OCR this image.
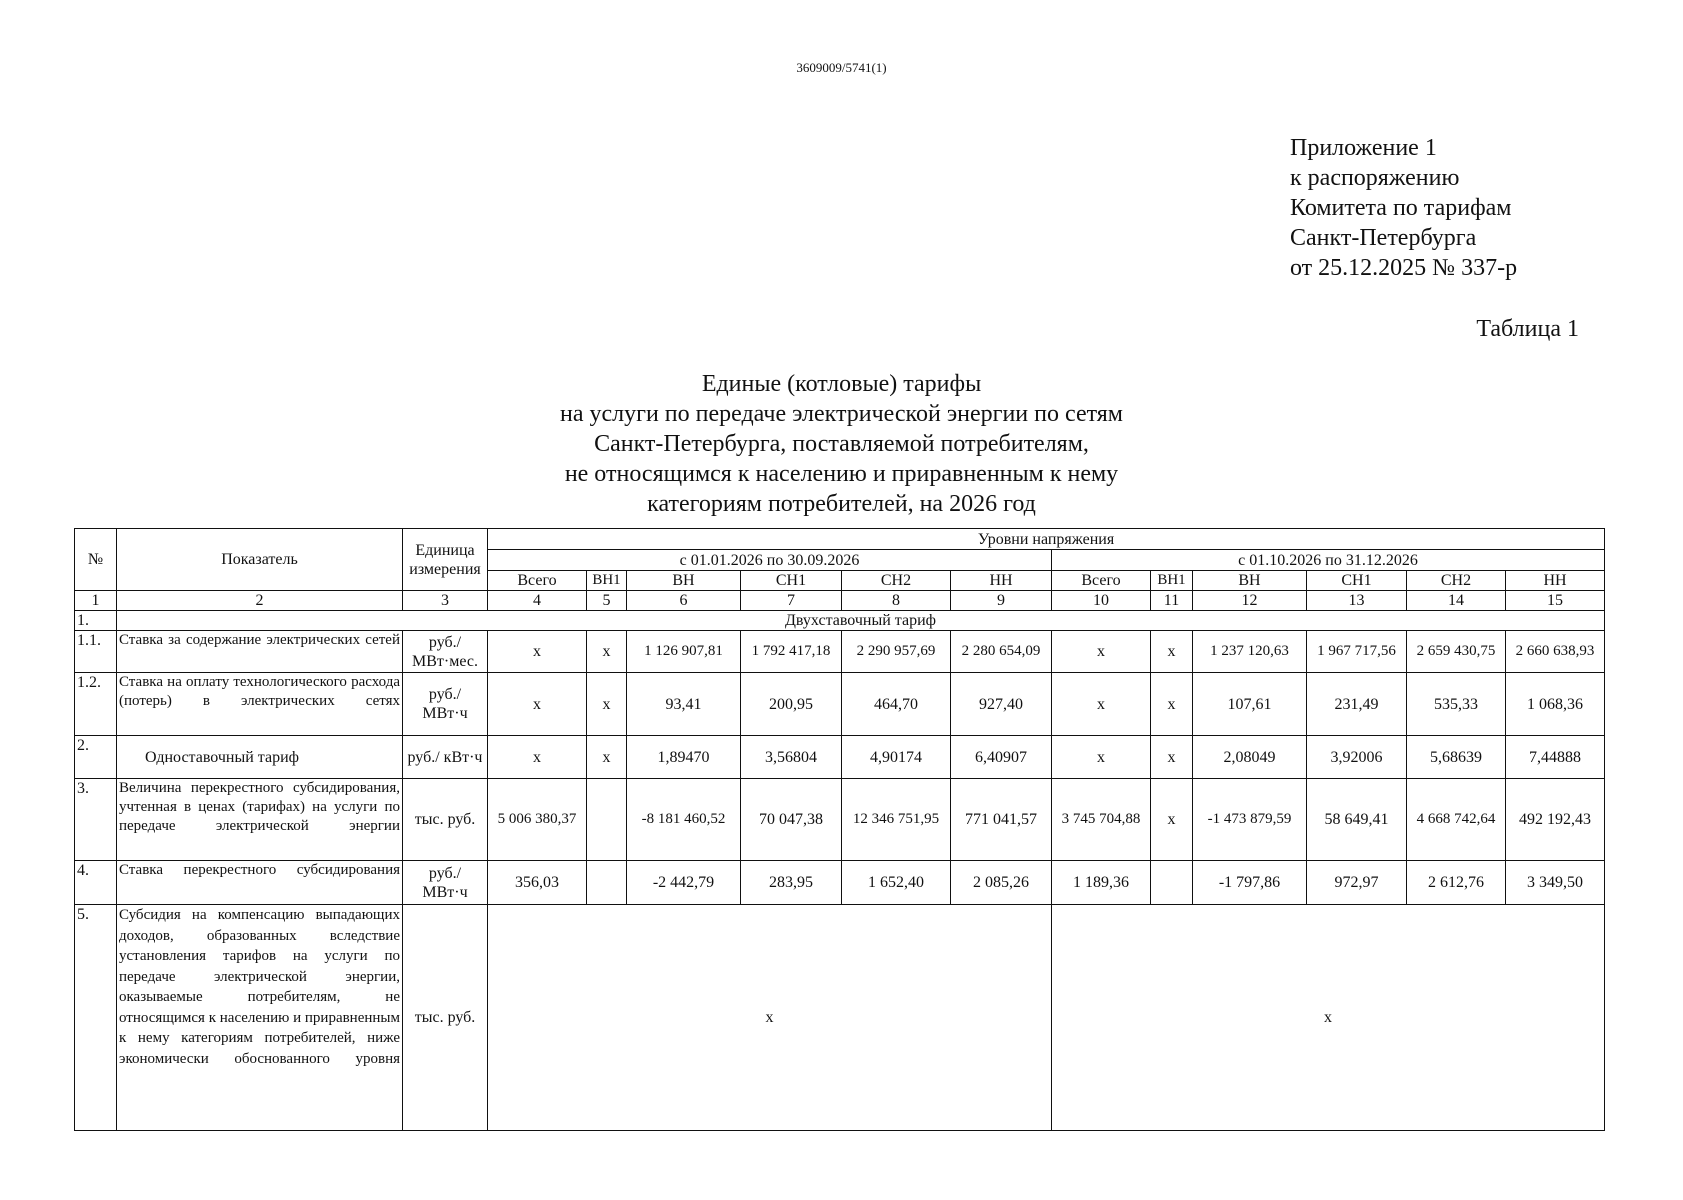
3609009/5741(1)
Приложение 1
к распоряжению
Комитета по тарифам
Санкт-Петербурга
от 25.12.2025 № 337-р
Таблица 1
Единые (котловые) тарифы
на услуги по передаче электрической энергии по сетям
Санкт-Петербурга, поставляемой потребителям,
не относящимся к населению и приравненным к нему
категориям потребителей, на 2026 год
№	Показатель	Единица измерения	Уровни напряжения											
			с 01.01.2026 по 30.09.2026						с 01.10.2026 по 31.12.2026					
			Всего	ВН1	ВН	СН1	СН2	НН	Всего	ВН1	ВН	СН1	СН2	НН
1	2	3	4	5	6	7	8	9	10	11	12	13	14	15
1.	Двухставочный тариф													
1.1.	Ставка за содержание электрических сетей	руб./ МВт·мес.	х	х	1 126 907,81	1 792 417,18	2 290 957,69	2 280 654,09	х	х	1 237 120,63	1 967 717,56	2 659 430,75	2 660 638,93
1.2.	Ставка на оплату технологического расхода (потерь) в электрических сетях	руб./ МВт·ч	х	х	93,41	200,95	464,70	927,40	х	х	107,61	231,49	535,33	1 068,36
2.	Одноставочный тариф	руб./ кВт·ч	х	х	1,89470	3,56804	4,90174	6,40907	х	х	2,08049	3,92006	5,68639	7,44888
3.	Величина перекрестного субсидирования, учтенная в ценах (тарифах) на услуги по передаче электрической энергии	тыс. руб.	5 006 380,37		-8 181 460,52	70 047,38	12 346 751,95	771 041,57	3 745 704,88	х	-1 473 879,59	58 649,41	4 668 742,64	492 192,43
4.	Ставка перекрестного субсидирования	руб./ МВт·ч	356,03		-2 442,79	283,95	1 652,40	2 085,26	1 189,36		-1 797,86	972,97	2 612,76	3 349,50
5.	Субсидия на компенсацию выпадающих доходов, образованных вследствие установления тарифов на услуги по передаче электрической энергии, оказываемые потребителям, не относящимся к населению и приравненным к нему категориям потребителей, ниже экономически обоснованного уровня	тыс. руб.	х						х					
